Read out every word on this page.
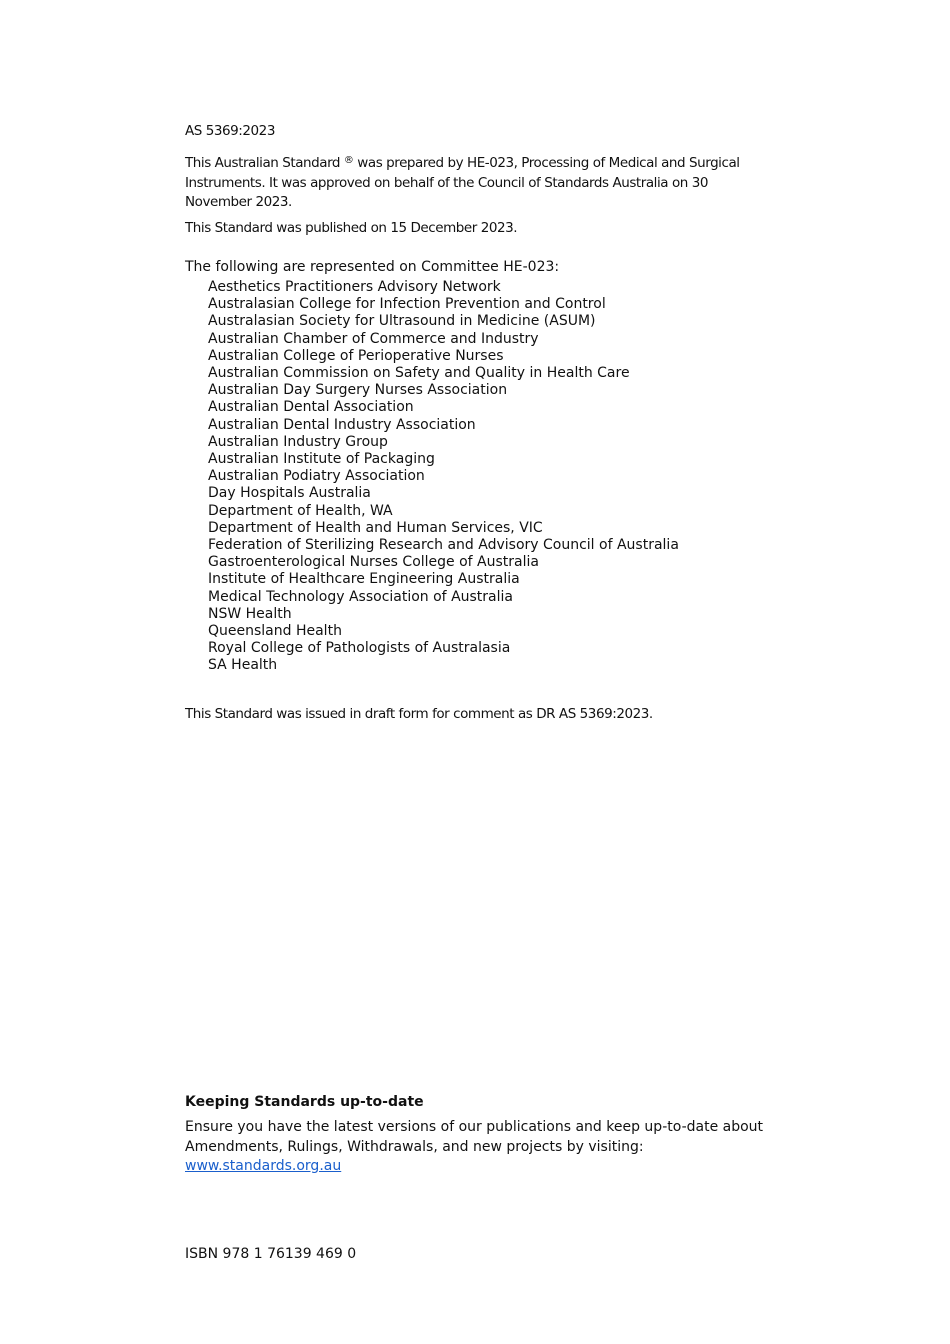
AS 5369:2023
This Australian Standard ® was prepared by HE-023, Processing of Medical and Surgical Instruments. It was approved on behalf of the Council of Standards Australia on 30 November 2023.
This Standard was published on 15 December 2023.
The following are represented on Committee HE-023:
Aesthetics Practitioners Advisory Network
Australasian College for Infection Prevention and Control
Australasian Society for Ultrasound in Medicine (ASUM)
Australian Chamber of Commerce and Industry
Australian College of Perioperative Nurses
Australian Commission on Safety and Quality in Health Care
Australian Day Surgery Nurses Association
Australian Dental Association
Australian Dental Industry Association
Australian Industry Group
Australian Institute of Packaging
Australian Podiatry Association
Day Hospitals Australia
Department of Health, WA
Department of Health and Human Services, VIC
Federation of Sterilizing Research and Advisory Council of Australia
Gastroenterological Nurses College of Australia
Institute of Healthcare Engineering Australia
Medical Technology Association of Australia
NSW Health
Queensland Health
Royal College of Pathologists of Australasia
SA Health
This Standard was issued in draft form for comment as DR AS 5369:2023.
Keeping Standards up-to-date

Ensure you have the latest versions of our publications and keep up-to-date about Amendments, Rulings, Withdrawals, and new projects by visiting:
www.standards.org.au

ISBN 978 1 76139 469 0
